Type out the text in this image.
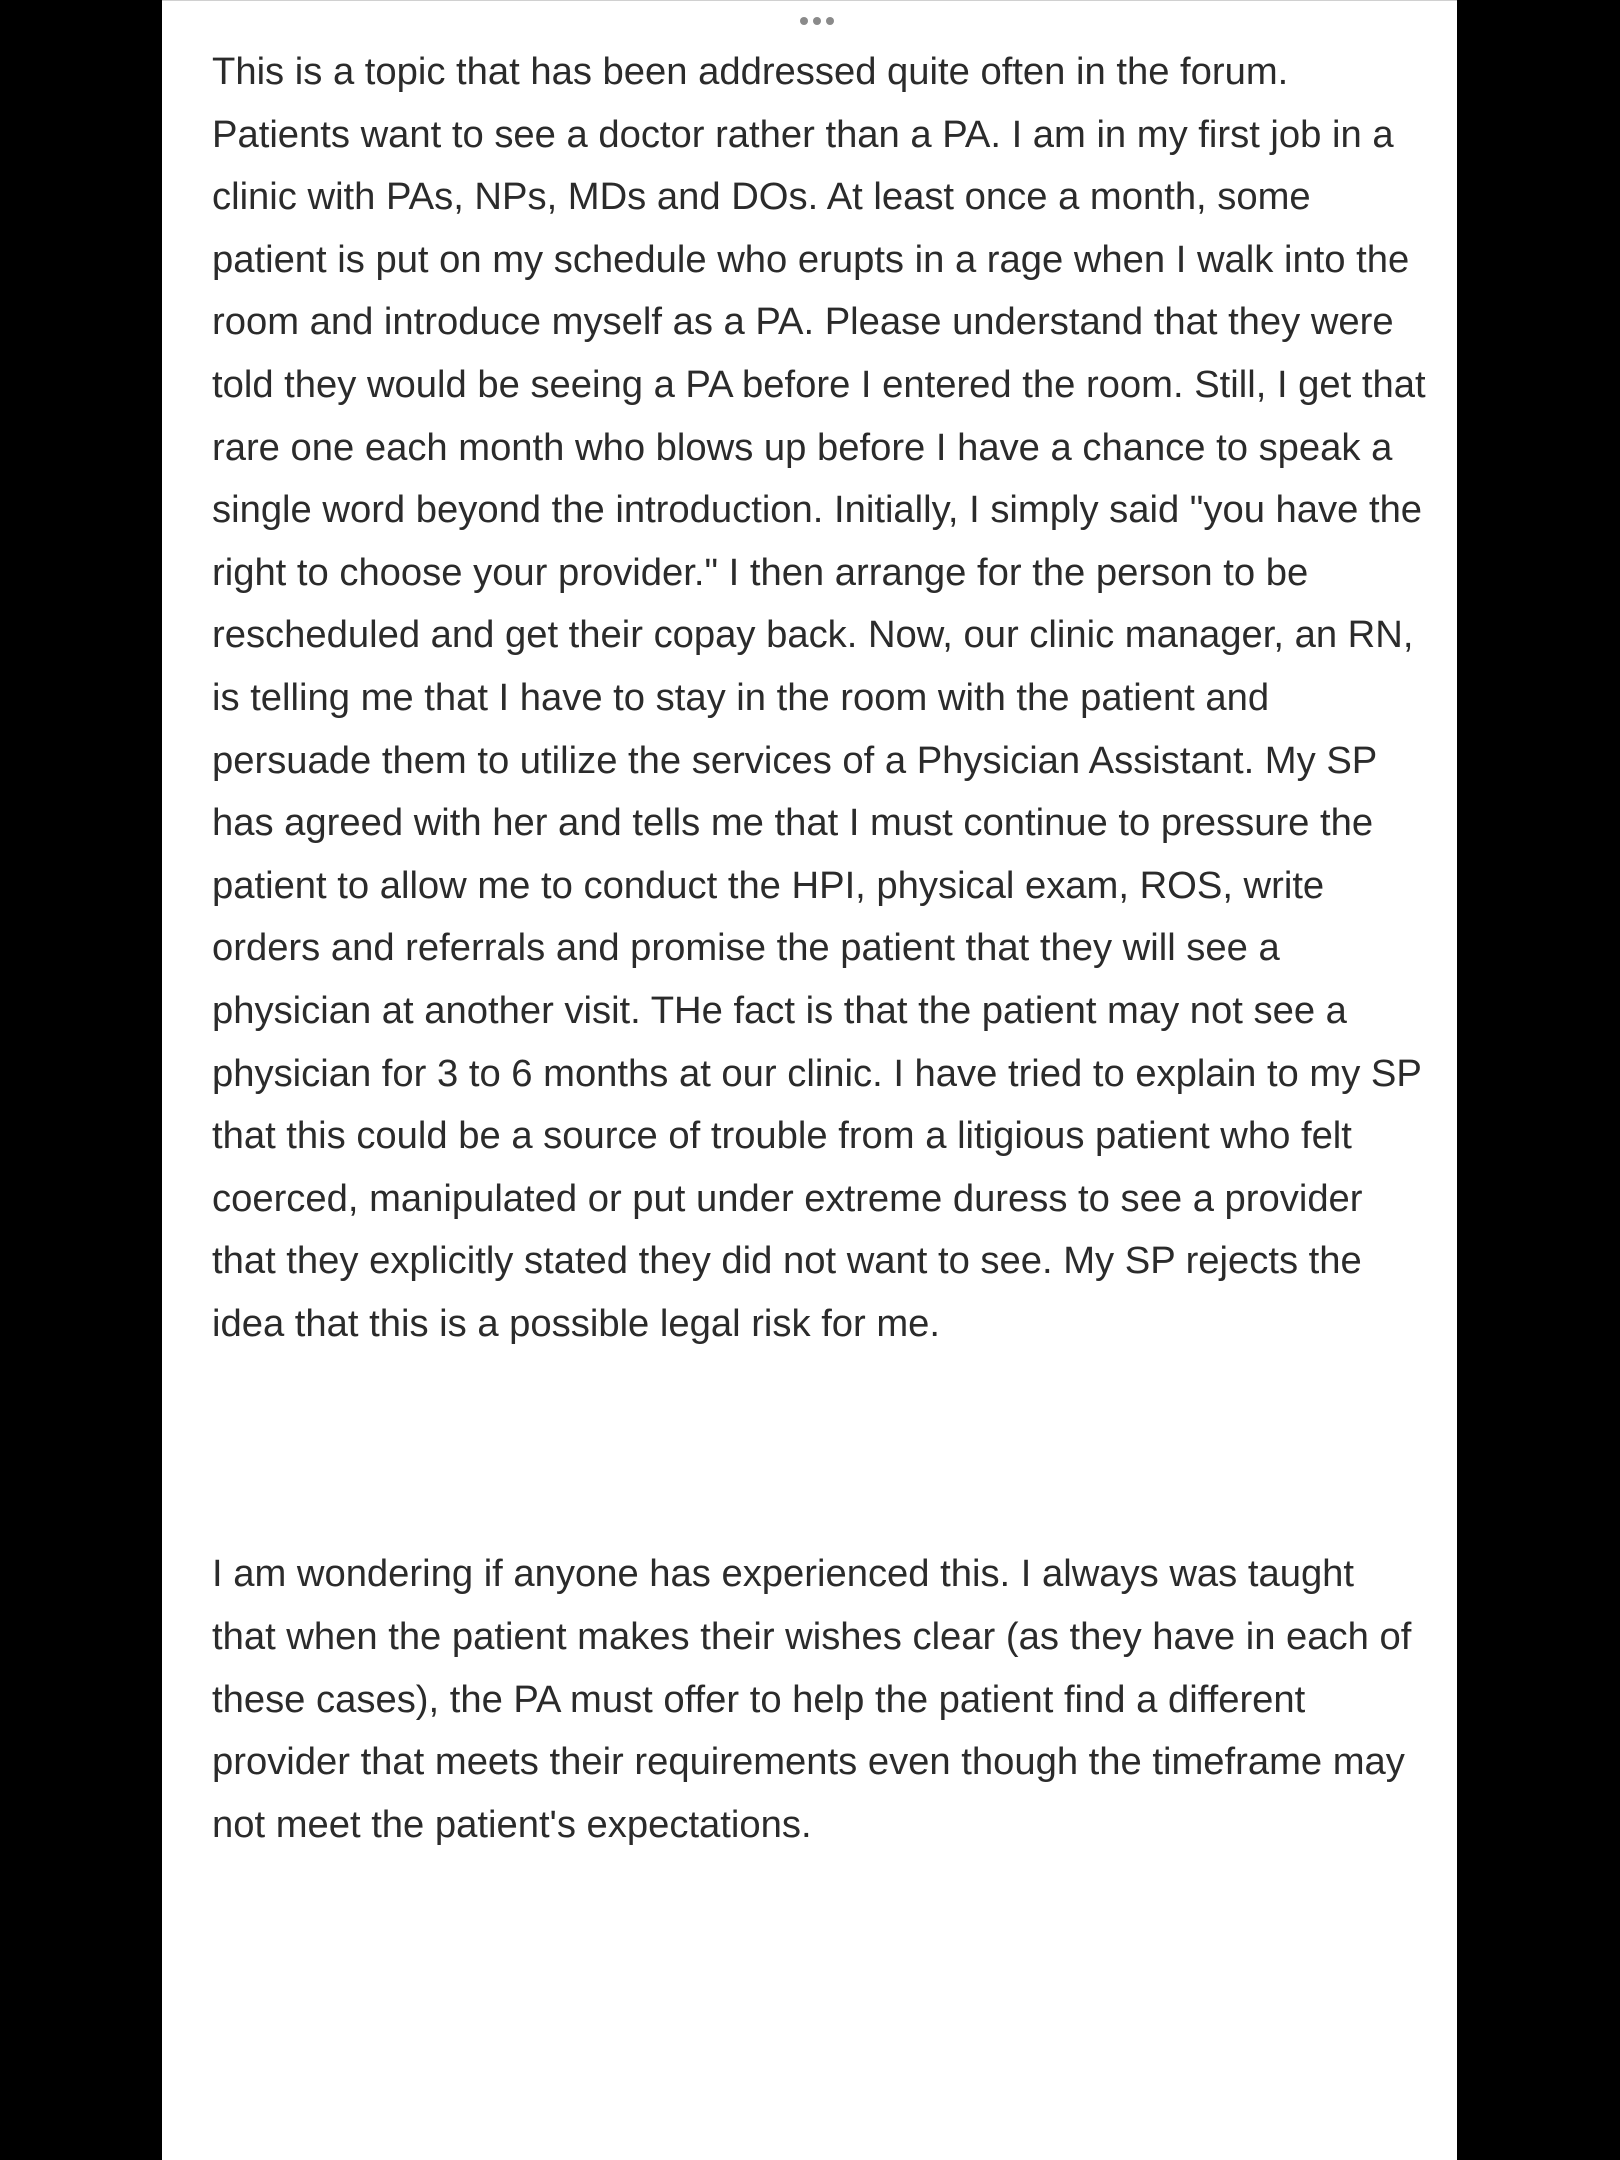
This is a topic that has been addressed quite often in the forum. Patients want to see a doctor rather than a PA. I am in my first job in a clinic with PAs, NPs, MDs and DOs. At least once a month, some patient is put on my schedule who erupts in a rage when I walk into the room and introduce myself as a PA. Please understand that they were told they would be seeing a PA before I entered the room. Still, I get that rare one each month who blows up before I have a chance to speak a single word beyond the introduction. Initially, I simply said "you have the right to choose your provider." I then arrange for the person to be rescheduled and get their copay back. Now, our clinic manager, an RN, is telling me that I have to stay in the room with the patient and persuade them to utilize the services of a Physician Assistant. My SP has agreed with her and tells me that I must continue to pressure the patient to allow me to conduct the HPI, physical exam, ROS, write orders and referrals and promise the patient that they will see a physician at another visit. THe fact is that the patient may not see a physician for 3 to 6 months at our clinic. I have tried to explain to my SP that this could be a source of trouble from a litigious patient who felt coerced, manipulated or put under extreme duress to see a provider that they explicitly stated they did not want to see. My SP rejects the idea that this is a possible legal risk for me.

I am wondering if anyone has experienced this. I always was taught that when the patient makes their wishes clear (as they have in each of these cases), the PA must offer to help the patient find a different provider that meets their requirements even though the timeframe may not meet the patient's expectations.
